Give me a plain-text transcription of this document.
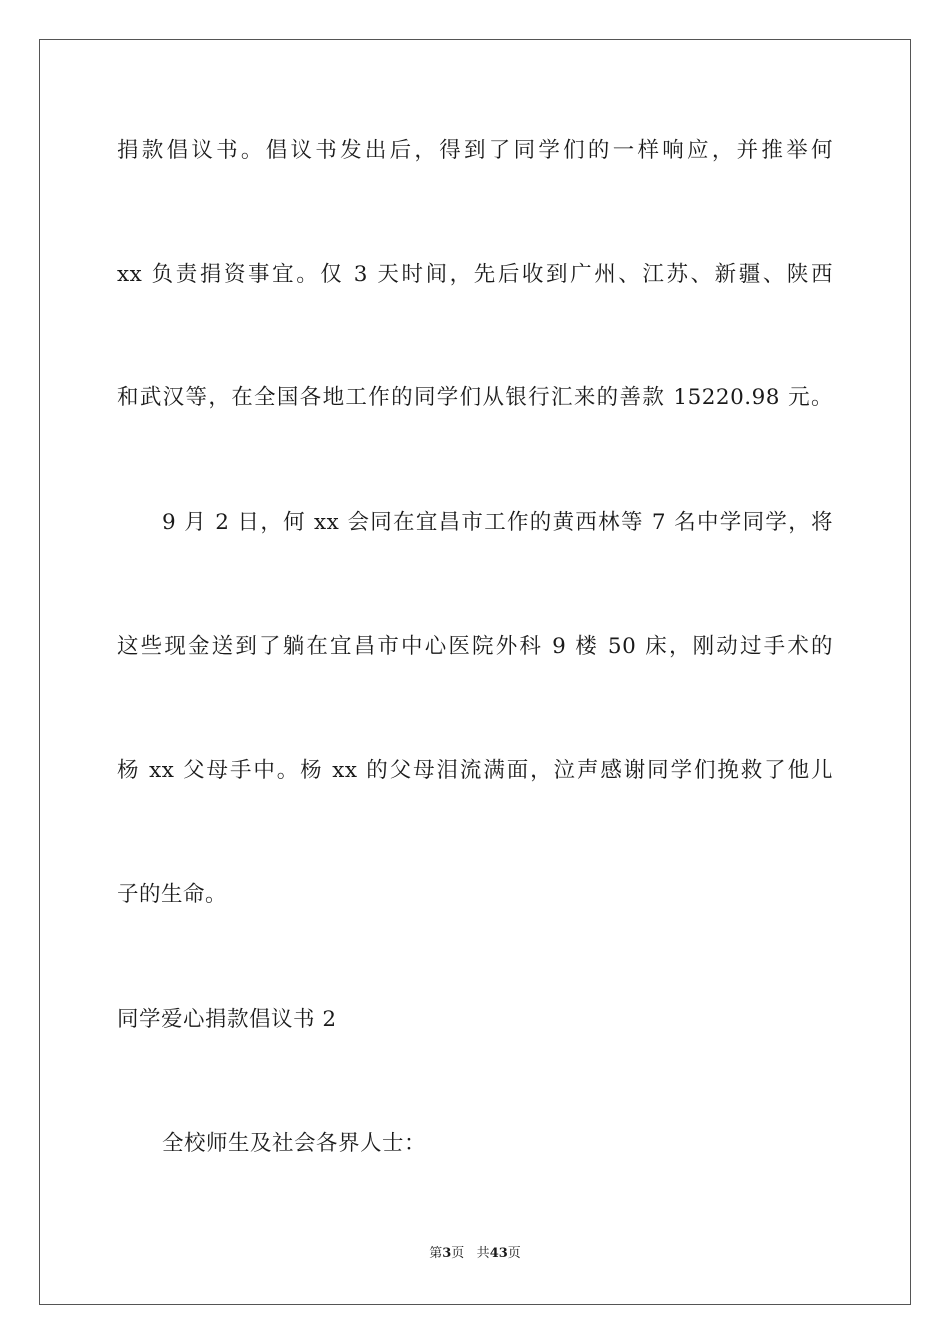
捐款倡议书。倡议书发出后，得到了同学们的一样响应，并推举何
xx 负责捐资事宜。仅 3 天时间，先后收到广州、江苏、新疆、陕西
和武汉等，在全国各地工作的同学们从银行汇来的善款 15220.98 元。
9 月 2 日，何 xx 会同在宜昌市工作的黄西林等 7 名中学同学，将
这些现金送到了躺在宜昌市中心医院外科 9 楼 50 床，刚动过手术的
杨 xx 父母手中。杨 xx 的父母泪流满面，泣声感谢同学们挽救了他儿
子的生命。
同学爱心捐款倡议书 2
全校师生及社会各界人士：
第3页 共43页
